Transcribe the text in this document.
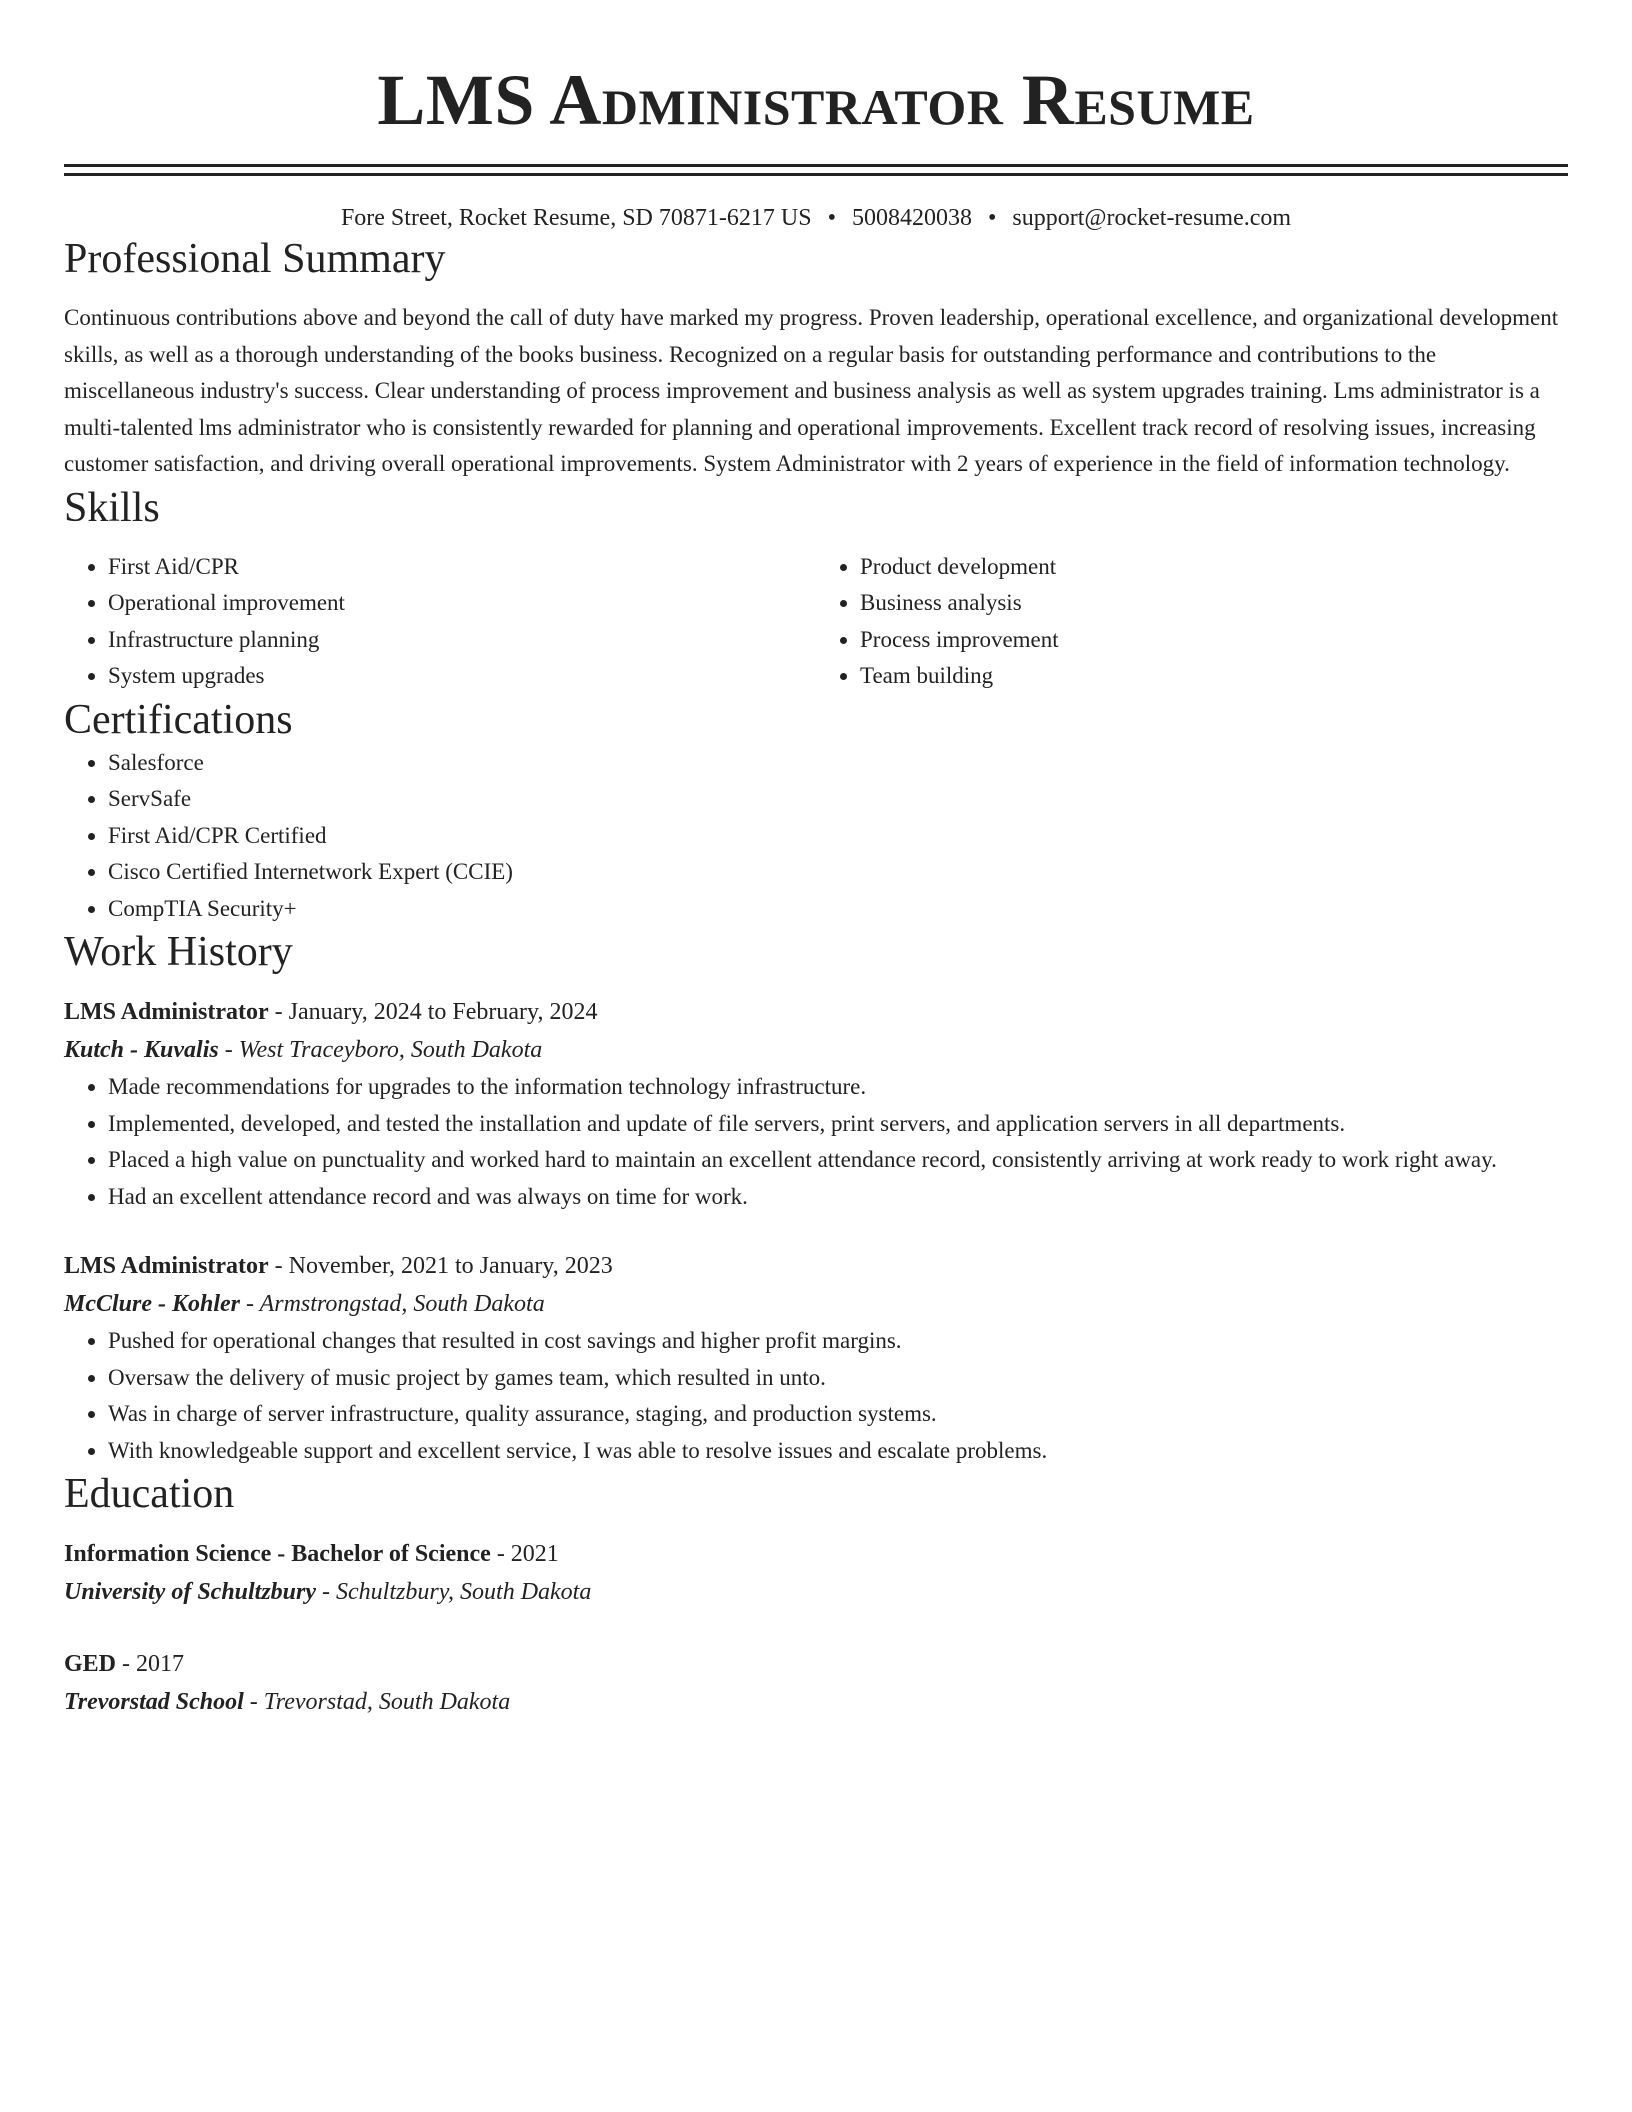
LMS Administrator Resume
Fore Street, Rocket Resume, SD 70871-6217 US • 5008420038 • support@rocket-resume.com
Professional Summary

Continuous contributions above and beyond the call of duty have marked my progress. Proven leadership, operational excellence, and organizational development skills, as well as a thorough understanding of the books business. Recognized on a regular basis for outstanding performance and contributions to the miscellaneous industry's success. Clear understanding of process improvement and business analysis as well as system upgrades training. Lms administrator is a multi-talented lms administrator who is consistently rewarded for planning and operational improvements. Excellent track record of resolving issues, increasing customer satisfaction, and driving overall operational improvements. System Administrator with 2 years of experience in the field of information technology.

Skills
• First Aid/CPR
• Operational improvement
• Infrastructure planning
• System upgrades
• Product development
• Business analysis
• Process improvement
• Team building
Certifications
• Salesforce
• ServSafe
• First Aid/CPR Certified
• Cisco Certified Internetwork Expert (CCIE)
• CompTIA Security+
Work History
LMS Administrator - January, 2024 to February, 2024
Kutch - Kuvalis - West Traceyboro, South Dakota
• Made recommendations for upgrades to the information technology infrastructure.
• Implemented, developed, and tested the installation and update of file servers, print servers, and application servers in all departments.
• Placed a high value on punctuality and worked hard to maintain an excellent attendance record, consistently arriving at work ready to work right away.
• Had an excellent attendance record and was always on time for work.
LMS Administrator - November, 2021 to January, 2023
McClure - Kohler - Armstrongstad, South Dakota
• Pushed for operational changes that resulted in cost savings and higher profit margins.
• Oversaw the delivery of music project by games team, which resulted in unto.
• Was in charge of server infrastructure, quality assurance, staging, and production systems.
• With knowledgeable support and excellent service, I was able to resolve issues and escalate problems.
Education
Information Science - Bachelor of Science - 2021
University of Schultzbury - Schultzbury, South Dakota
GED - 2017
Trevorstad School - Trevorstad, South Dakota
